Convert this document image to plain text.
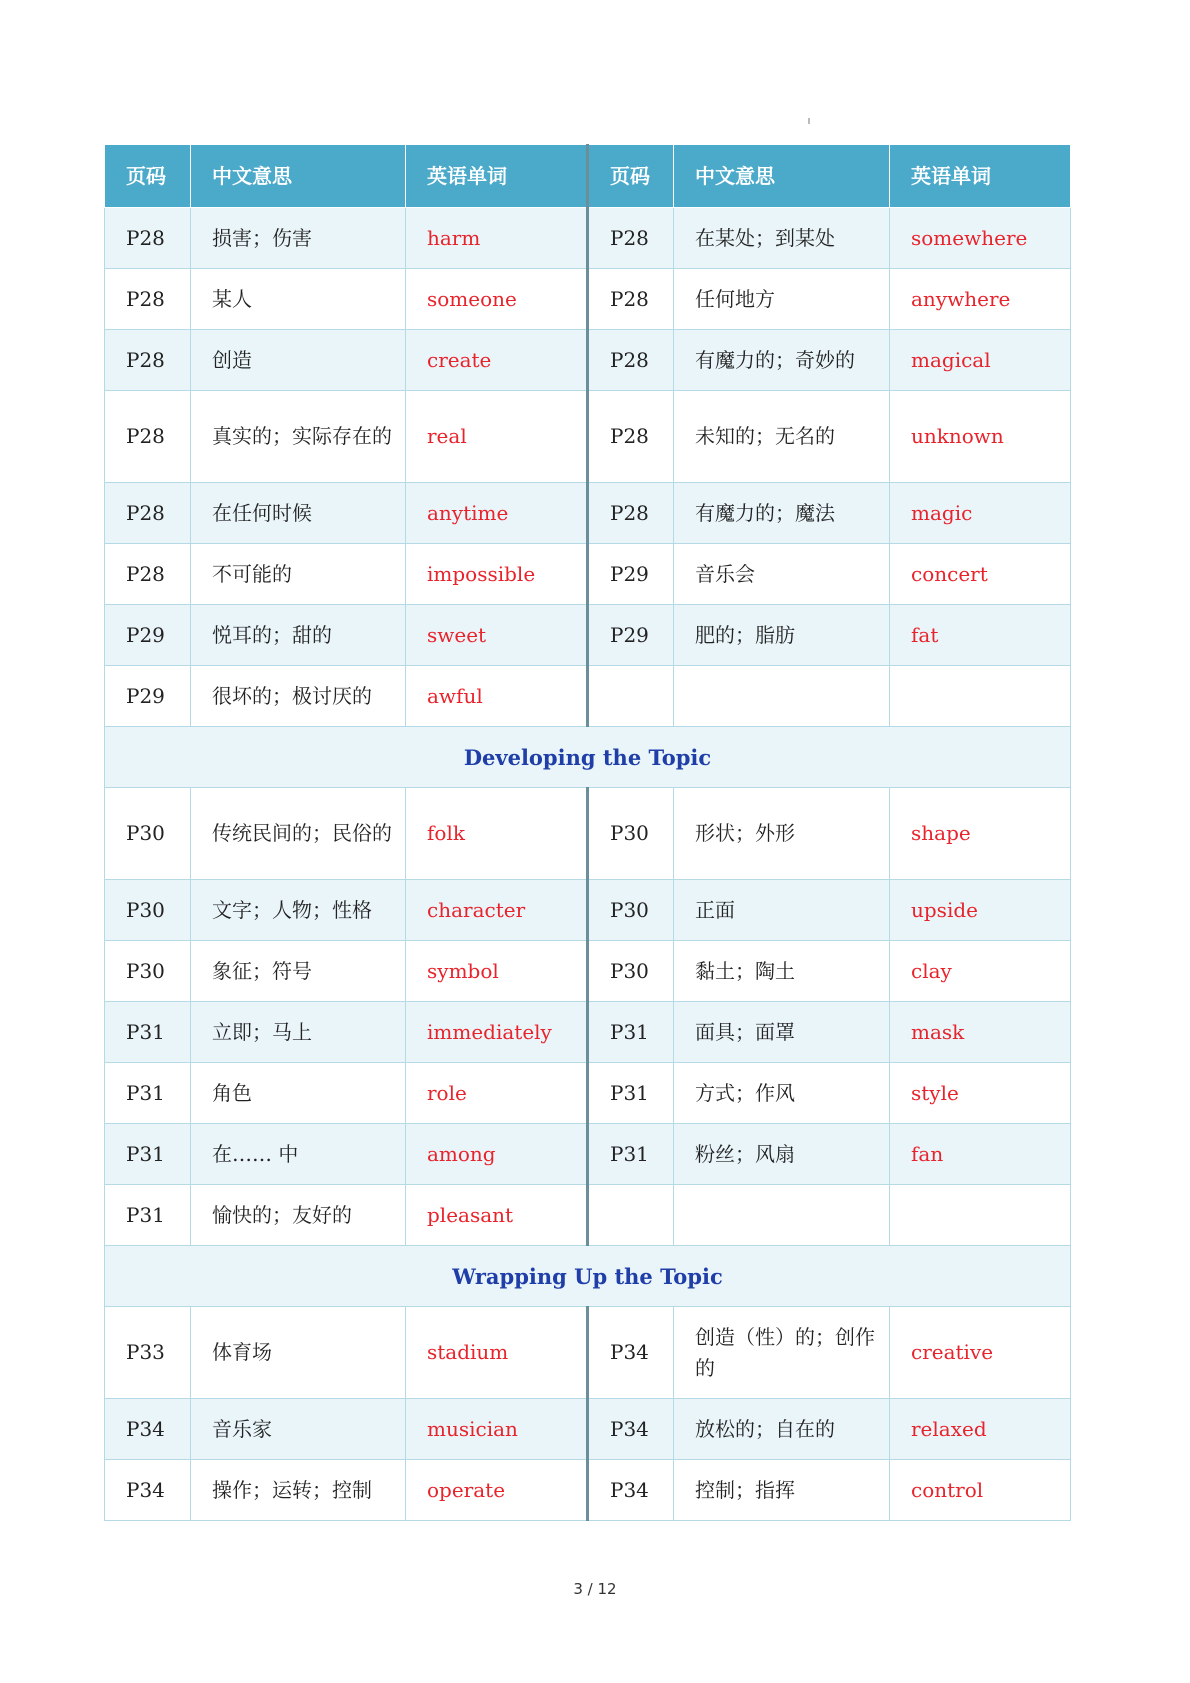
页码	中文意思	英语单词	页码	中文意思	英语单词
P28	损害；伤害	harm	P28	在某处；到某处	somewhere
P28	某人	someone	P28	任何地方	anywhere
P28	创造	create	P28	有魔力的；奇妙的	magical
P28	真实的；实际存在的	real	P28	未知的；无名的	unknown
P28	在任何时候	anytime	P28	有魔力的；魔法	magic
P28	不可能的	impossible	P29	音乐会	concert
P29	悦耳的；甜的	sweet	P29	肥的；脂肪	fat
P29	很坏的；极讨厌的	awful			
Developing the Topic					
P30	传统民间的；民俗的	folk	P30	形状；外形	shape
P30	文字；人物；性格	character	P30	正面	upside
P30	象征；符号	symbol	P30	黏土；陶土	clay
P31	立即；马上	immediately	P31	面具；面罩	mask
P31	角色	role	P31	方式；作风	style
P31	在…… 中	among	P31	粉丝；风扇	fan
P31	愉快的；友好的	pleasant			
Wrapping Up the Topic					
P33	体育场	stadium	P34	创造（性）的；创作的	creative
P34	音乐家	musician	P34	放松的；自在的	relaxed
P34	操作；运转；控制	operate	P34	控制；指挥	control
3 / 12
